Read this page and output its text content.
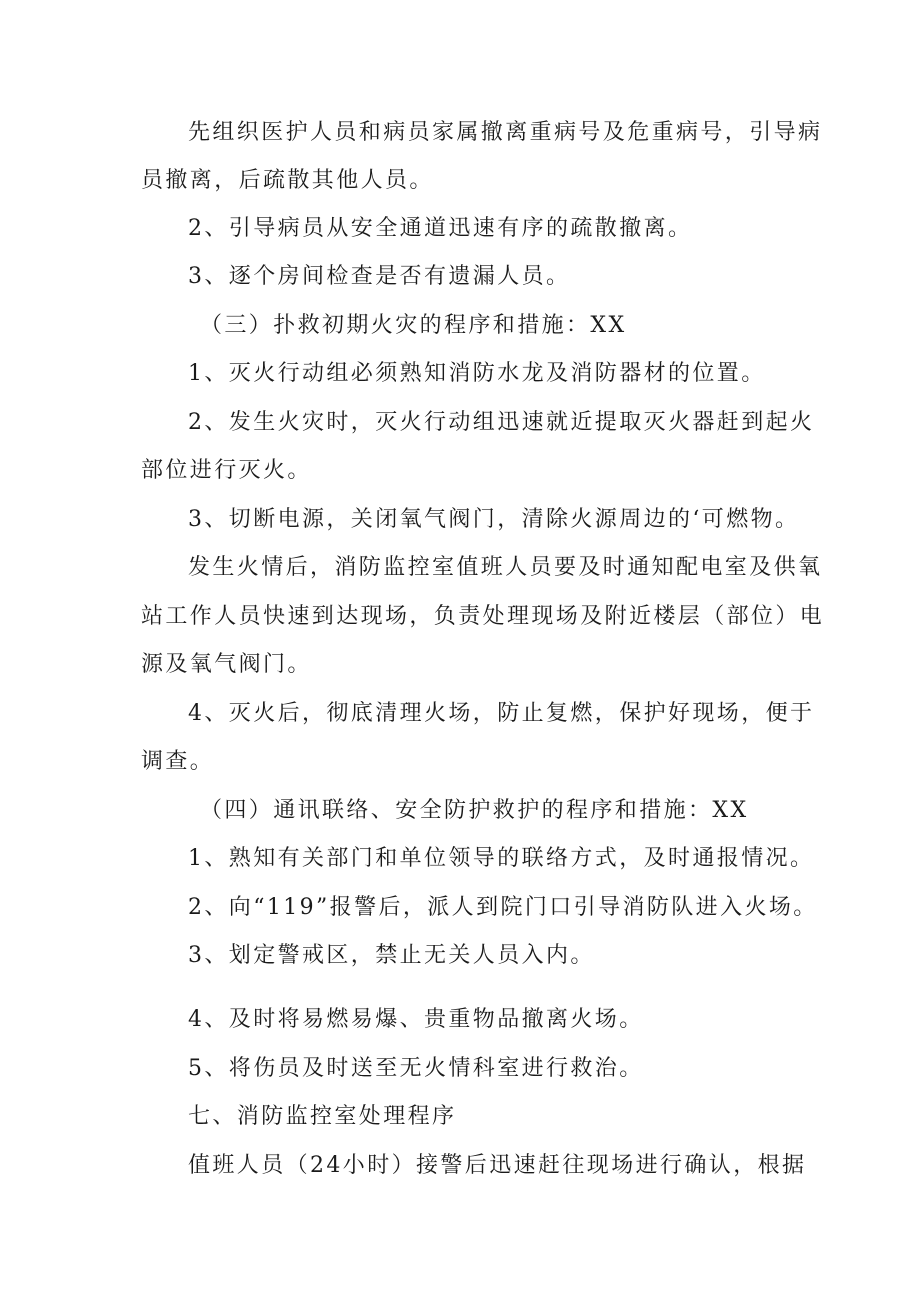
先组织医护人员和病员家属撤离重病号及危重病号，引导病
员撤离，后疏散其他人员。
2、引导病员从安全通道迅速有序的疏散撤离。
3、逐个房间检查是否有遗漏人员。
（三）扑救初期火灾的程序和措施：XX
1、灭火行动组必须熟知消防水龙及消防器材的位置。
2、发生火灾时，灭火行动组迅速就近提取灭火器赶到起火
部位进行灭火。
3、切断电源，关闭氧气阀门，清除火源周边的‘可燃物。
发生火情后，消防监控室值班人员要及时通知配电室及供氧
站工作人员快速到达现场，负责处理现场及附近楼层（部位）电
源及氧气阀门。
4、灭火后，彻底清理火场，防止复燃，保护好现场，便于
调查。
（四）通讯联络、安全防护救护的程序和措施：XX
1、熟知有关部门和单位领导的联络方式，及时通报情况。
2、向“119”报警后，派人到院门口引导消防队进入火场。
3、划定警戒区，禁止无关人员入内。
4、及时将易燃易爆、贵重物品撤离火场。
5、将伤员及时送至无火情科室进行救治。
七、消防监控室处理程序
值班人员（24小时）接警后迅速赶往现场进行确认，根据
